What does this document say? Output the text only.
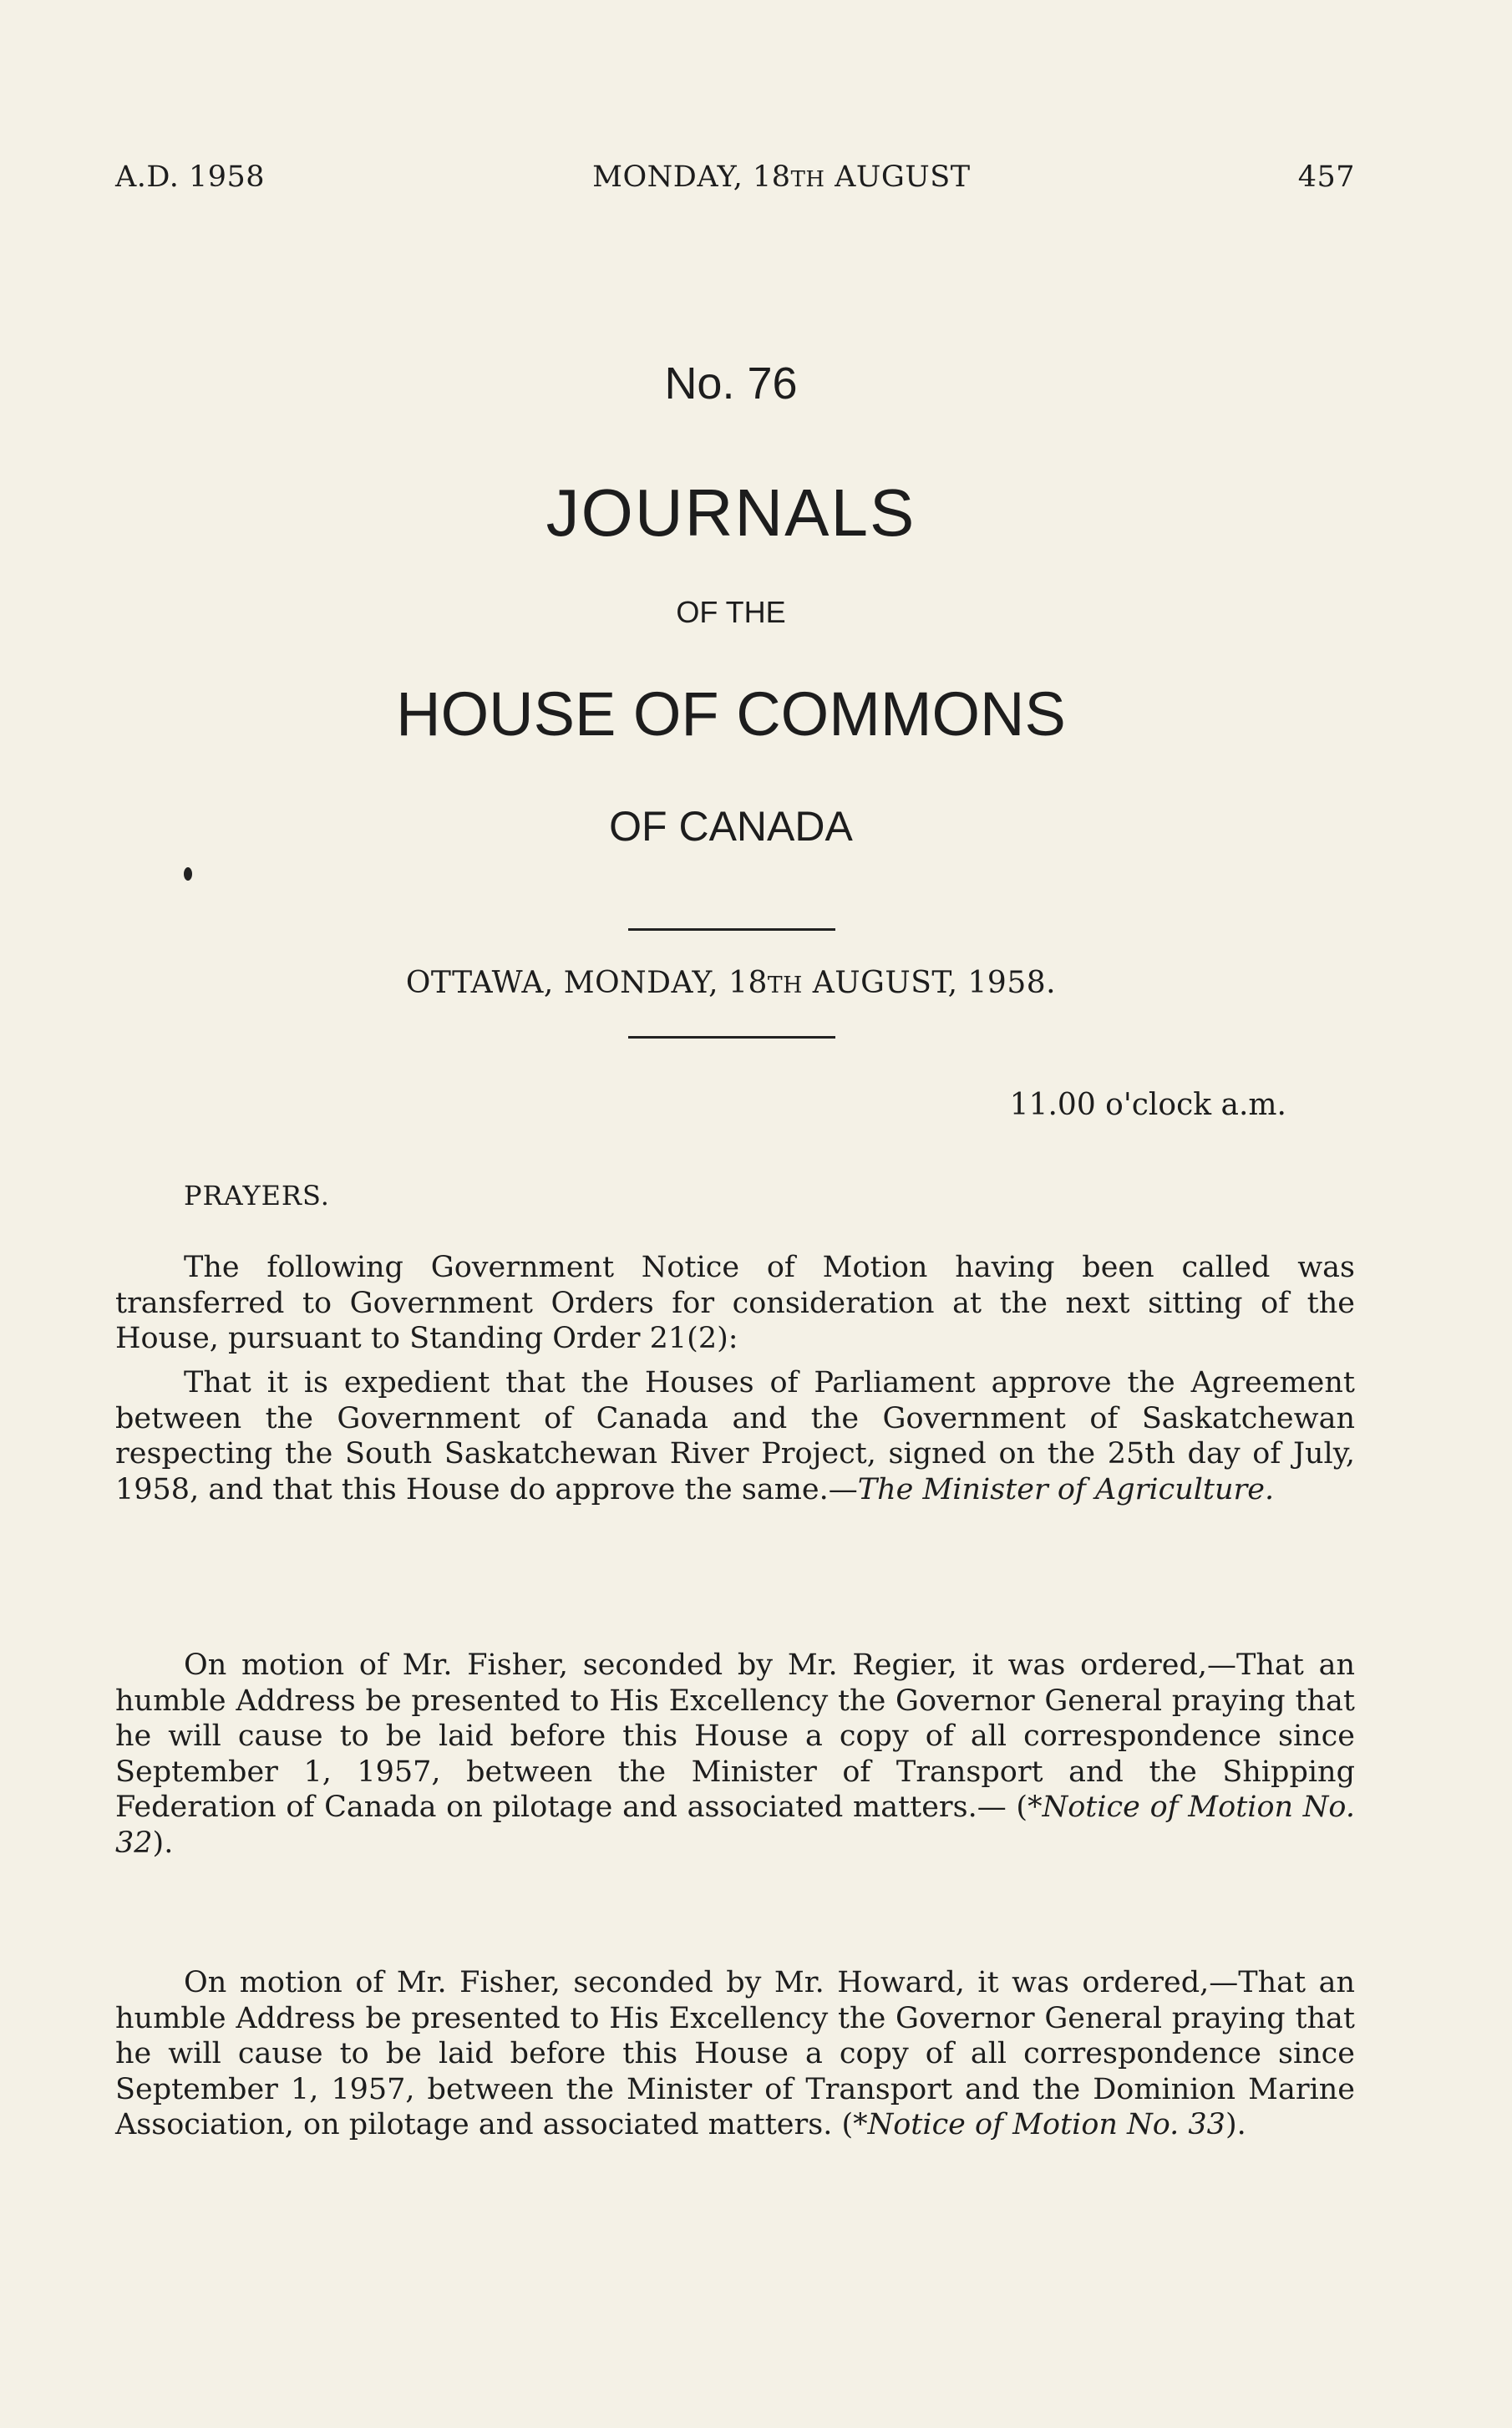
A.D. 1958	MONDAY, 18TH AUGUST	457
No. 76
JOURNALS
OF THE
HOUSE OF COMMONS
OF CANADA
OTTAWA, MONDAY, 18TH AUGUST, 1958.
11.00 o'clock a.m.
PRAYERS.

The following Government Notice of Motion having been called was transferred to Government Orders for consideration at the next sitting of the House, pursuant to Standing Order 21(2):

That it is expedient that the Houses of Parliament approve the Agreement between the Government of Canada and the Government of Saskatchewan respecting the South Saskatchewan River Project, signed on the 25th day of July, 1958, and that this House do approve the same.—The Minister of Agriculture.

On motion of Mr. Fisher, seconded by Mr. Regier, it was ordered,—That an humble Address be presented to His Excellency the Governor General praying that he will cause to be laid before this House a copy of all correspondence since September 1, 1957, between the Minister of Transport and the Shipping Federation of Canada on pilotage and associated matters.— (*Notice of Motion No. 32).

On motion of Mr. Fisher, seconded by Mr. Howard, it was ordered,—That an humble Address be presented to His Excellency the Governor General praying that he will cause to be laid before this House a copy of all correspondence since September 1, 1957, between the Minister of Transport and the Dominion Marine Association, on pilotage and associated matters. (*Notice of Motion No. 33).
